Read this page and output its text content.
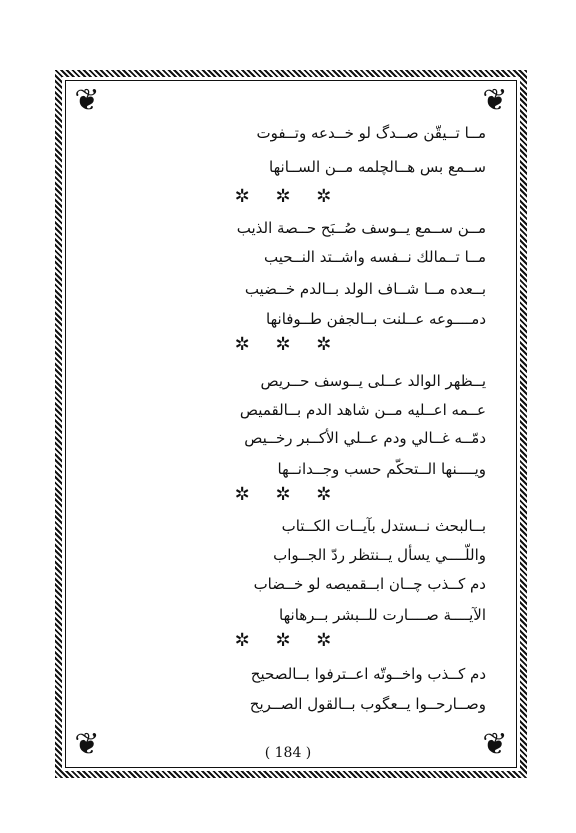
❦	❦
❦	❦
مــا تــيقّن صــدگ لو خــدعه وتــفوت
ســمع بس هــالچلمه مــن الســانها
✲ ✲ ✲
مــن ســمع يــوسف صُــبَح حــصة الذيب
مــا تــمالك نــفسه واشــتد النــحيب
بــعده مــا شــاف الولد بــالدم خــضيب
دمــــوعه عــلنت بــالجفن طــوفانها
✲ ✲ ✲
يــظهر الوالد عــلى يــوسف حــريص
عــمه اعــليه مــن شاهد الدم بــالقميص
دمّــه غــالي ودم عــلي الأكــبر رخــيص
ويــــنها الــتحكّم حسب وجــدانــها
✲ ✲ ✲
بــالبحث نــستدل بآيــات الكــتاب
واللّــــي يسأل يــنتظر ردّ الجــواب
دم كــذب چــان ابــقميصه لو خــضاب
الآيــــة صــــارت للــبشر بــرهانها
✲ ✲ ✲
دم كــذب واخــوتّه اعــترفوا بــالصحيح
وصــارحــوا يــعگوب بــالقول الصــريح
( 184 )
